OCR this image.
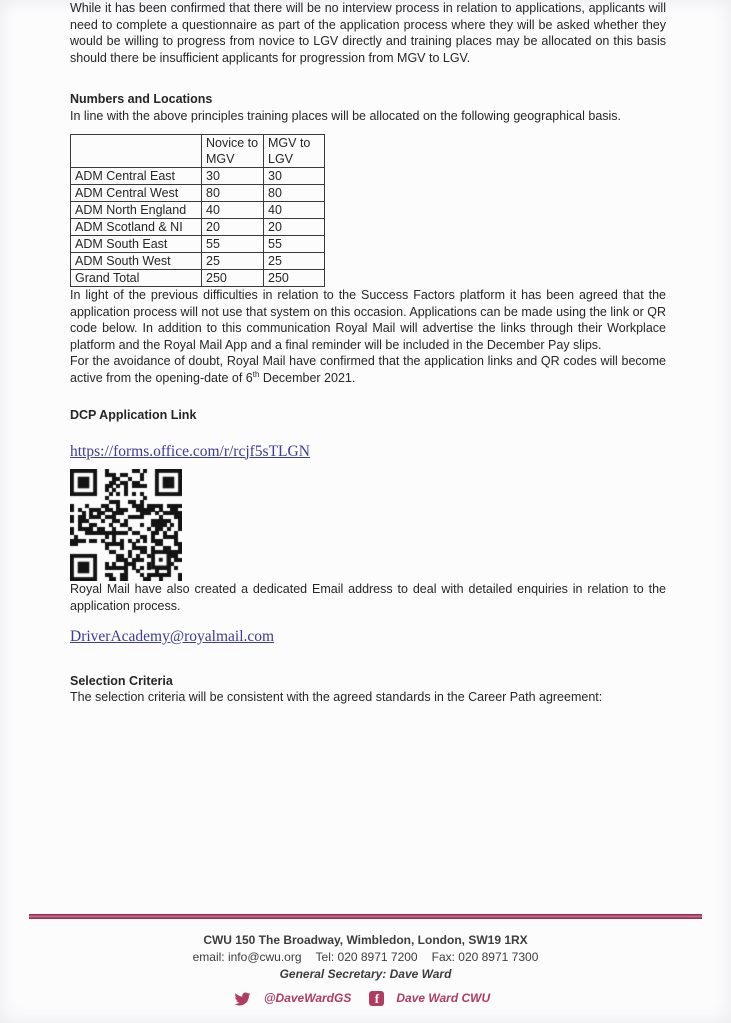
While it has been confirmed that there will be no interview process in relation to applications, applicants will need to complete a questionnaire as part of the application process where they will be asked whether they would be willing to progress from novice to LGV directly and training places may be allocated on this basis should there be insufficient applicants for progression from MGV to LGV.

Numbers and Locations

In line with the above principles training places will be allocated on the following geographical basis.

	Novice to MGV	MGV to LGV
ADM Central East	30	30
ADM Central West	80	80
ADM North England	40	40
ADM Scotland & NI	20	20
ADM South East	55	55
ADM South West	25	25
Grand Total	250	250

In light of the previous difficulties in relation to the Success Factors platform it has been agreed that the application process will not use that system on this occasion. Applications can be made using the link or QR code below. In addition to this communication Royal Mail will advertise the links through their Workplace platform and the Royal Mail App and a final reminder will be included in the December Pay slips.

For the avoidance of doubt, Royal Mail have confirmed that the application links and QR codes will become active from the opening-date of 6th December 2021.

DCP Application Link

https://forms.office.com/r/rcjf5sTLGN

Royal Mail have also created a dedicated Email address to deal with detailed enquiries in relation to the application process.

DriverAcademy@royalmail.com

Selection Criteria

The selection criteria will be consistent with the agreed standards in the Career Path agreement:

CWU 150 The Broadway, Wimbledon, London, SW19 1RX
email: info@cwu.org Tel: 020 8971 7200 Fax: 020 8971 7300
General Secretary: Dave Ward
@DaveWardGS	f	Dave Ward CWU
